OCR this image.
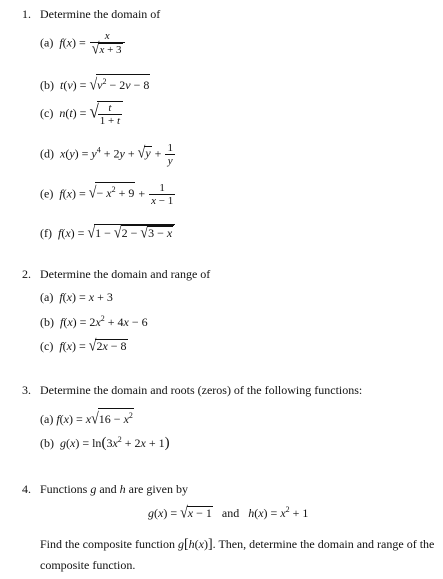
1. Determine the domain of
(a)  $f(x) = \frac{x}{√x + 3}$
(b)  $t(v) = √v^2 - 2v - 8$
(c)  n(t) = √ $\frac{t}{1 + t}$
(d)  $x(y) = y^4 + 2y + √y + \frac{1}{y}$
(e)  f(x) = √− $x^2 + 9 + \frac{1}{x - 1}$
(f)  f(x) = √1 − √2 − √3 − x
2. Determine the domain and range of
(a)  f(x) = x + 3
(b)  $f(x) = 2x^2 + 4x - 6$
(c)  f(x) = √2x − 8
3. Determine the domain and roots (zeros) of the following functions:
(a) $f(x) = x√16 - x^2$
(b)  $g(x) = \ln(3x^2 + 2x + 1)$
4. Functions g and h are given by
g(x) = √x − 1 and $h(x) = x^2 + 1$
Find the composite function g[h(x)]. Then, determine the domain and range of the
composite function.
